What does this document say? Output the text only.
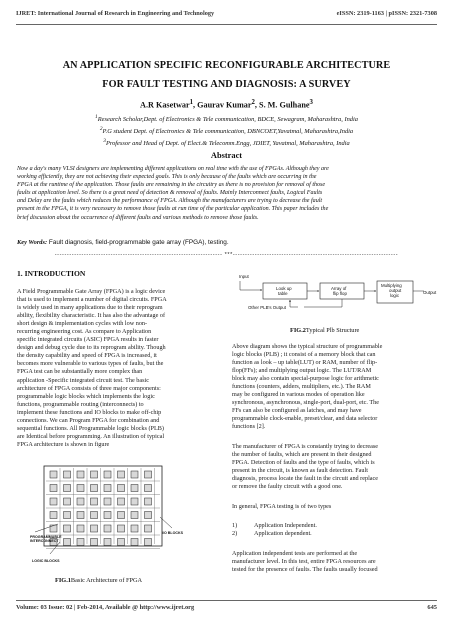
IJRET: International Journal of Research in Engineering and Technology	eISSN: 2319-1163 | pISSN: 2321-7308
AN APPLICATION SPECIFIC RECONFIGURABLE ARCHITECTURE
FOR FAULT TESTING AND DIAGNOSIS: A SURVEY
A.R Kasetwar$^1$, Gaurav Kumar$^2$, S. M. Gulhane$^3$
$^1$Research Scholar,Dept. of Electronics & Tele communication, BDCE, Sewagram, Maharashtra, India
$^2$P.G student Dept. of Electronics & Tele communication, DBNCOET,Yavatmal, Maharashtra,India
$^3$Professor and Head of Dept. of Elect.& Telecomm.Engg, JDIET, Yavatmal, Maharashtra, India
Abstract
Now a day's many VLSI designers are implementing different applications on real time with the use of FPGAs. Although they are
working efficiently, they are not achieving their expected goals. This is only because of the faults which are occurring in the
FPGA at the runtime of the application. Those faults are remaining in the circuitry as there is no provision for removal of those
faults at application level. So there is a great need of detection & removal of faults. Mainly Interconnect faults, Logical Faults
and Delay are the faults which reduces the performance of FPGA. Although the manufacturers are trying to decrease the fault
present in the FPGA, it is very necessary to remove those faults at run time of the particular application. This paper includes the
brief discussion about the occurrence of different faults and various methods to remove those faults.
Key Words: Fault diagnosis, field-programmable gate array (FPGA), testing.
--------------------------------------------------------------------- ***--------------------------------------------------------------------
1. INTRODUCTION
A Field Programmable Gate Array (FPGA) is a logic device
that is used to implement a number of digital circuits. FPGA
is widely used in many applications due to their reprogram
ability, flexibility characteristic. It has also the advantage of
short design & implementation cycles with low non-
recurring engineering cost. As compare to Application
specific integrated circuits (ASIC) FPGA results in faster
design and debug cycle due to its reprogram ability. Though
the density capability and speed of FPGA is increased, it
becomes more vulnerable to various types of faults, but the
FPGA test can be substantially more complex than
application -Specific integrated circuit test. The basic
architecture of FPGA consists of three major components:
programmable logic blocks which implements the logic
functions, programmable routing (interconnects) to
implement these functions and IO blocks to make off-chip
connections. We can Program FPGA for combination and
sequential functions. All Programmable logic blocks (PLB)
are Identical before programming. An illustration of typical
FPGA architecture is shown in figure
PROGRAMMABLE
INTERCONNECT
I/O BLOCKS
LOGIC BLOCKS
FIG.1Basic Architecture of FPGA
Input
Look up
table
Array of
flip flop
Multiplying
output
logic
Output
Other PLB's Output
FIG.2Typical Plb Structure
Above diagram shows the typical structure of programmable
logic blocks (PLB) ; it consist of a memory block that can
function as look – up table(LUT) or RAM, number of flip-
flop(FFs); and multiplying output logic. The LUT/RAM
block may also contain special-purpose logic for arithmetic
functions (counters, adders, multipliers, etc.). The RAM
may be configured in various modes of operation like
synchronous, asynchronous, single-port, dual-port, etc. The
FFs can also be configured as latches, and may have
programmable clock-enable, preset/clear, and data selector
functions [2].
The manufacturer of FPGA is constantly trying to decrease
the number of faults, which are present in their designed
FPGA. Detection of faults and the type of faults, which is
present in the circuit, is known as fault detection. Fault
diagnosis, process locate the fault in the circuit and replace
or remove the faulty circuit with a good one.
In general, FPGA testing is of two types
1)	Application Independent.
2)	Application dependent.
Application independent tests are performed at the
manufacturer level. In this test, entire FPGA resources are
tested for the presence of faults. The faults usually focused
Volume: 03 Issue: 02 | Feb-2014, Available @ http://www.ijret.org	645
